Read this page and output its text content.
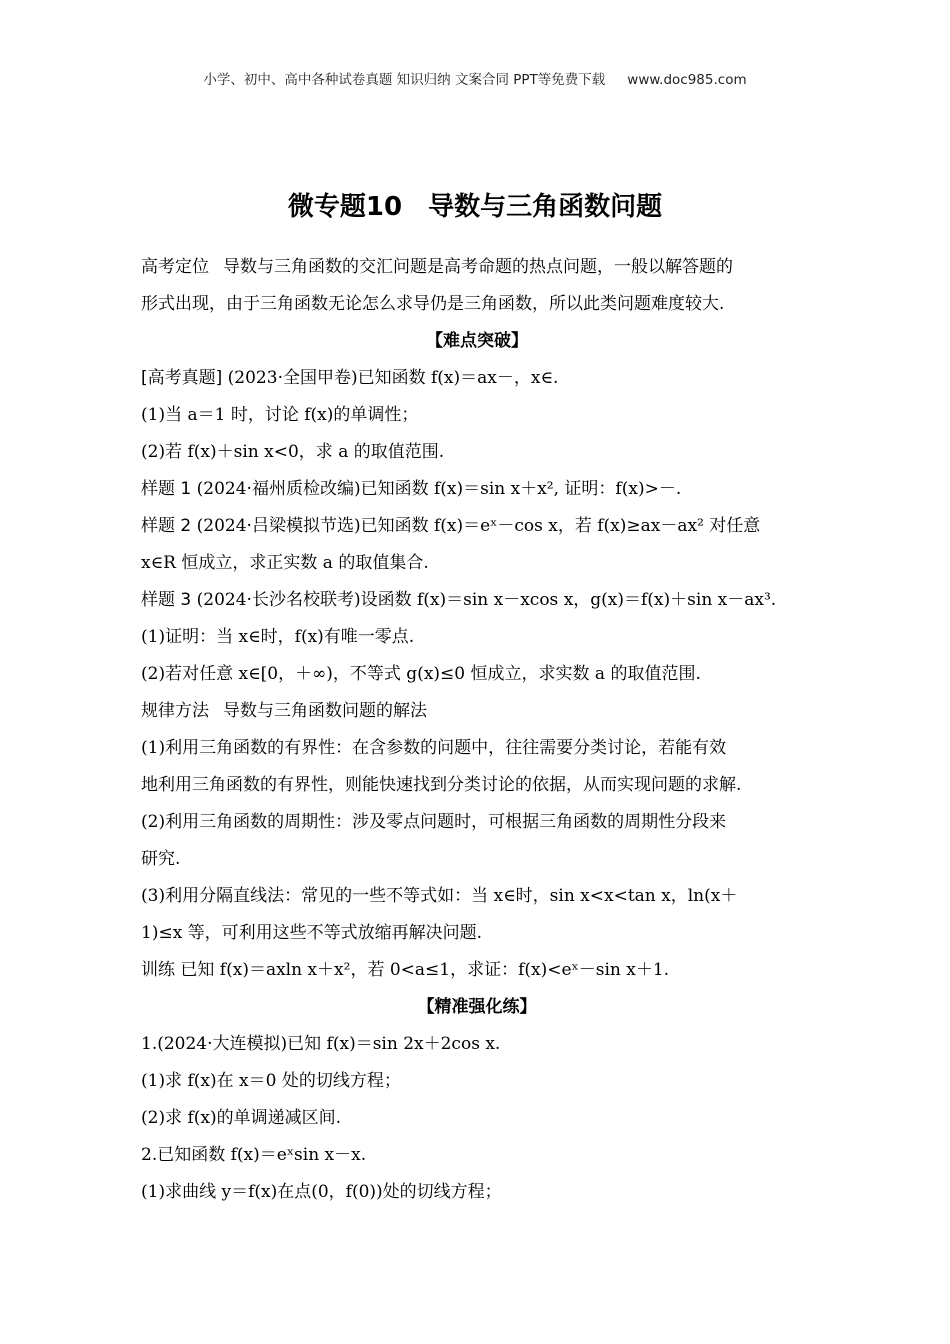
小学、初中、高中各种试卷真题 知识归纳 文案合同 PPT等免费下载 www.doc985.com
微专题10　导数与三角函数问题
高考定位 导数与三角函数的交汇问题是高考命题的热点问题，一般以解答题的
形式出现，由于三角函数无论怎么求导仍是三角函数，所以此类问题难度较大.
【难点突破】
[高考真题] (2023·全国甲卷)已知函数 f(x)＝ax－，x∈.
(1)当 a＝1 时，讨论 f(x)的单调性；
(2)若 f(x)＋sin x<0，求 a 的取值范围.
样题 1 (2024·福州质检改编)已知函数 f(x)＝sin x＋x², 证明：f(x)>－.
样题 2 (2024·吕梁模拟节选)已知函数 f(x)＝eˣ－cos x，若 f(x)≥ax－ax² 对任意
x∈R 恒成立，求正实数 a 的取值集合.
样题 3 (2024·长沙名校联考)设函数 f(x)＝sin x－xcos x，g(x)＝f(x)＋sin x－ax³.
(1)证明：当 x∈时，f(x)有唯一零点.
(2)若对任意 x∈[0，＋∞)，不等式 g(x)≤0 恒成立，求实数 a 的取值范围.
规律方法 导数与三角函数问题的解法
(1)利用三角函数的有界性：在含参数的问题中，往往需要分类讨论，若能有效
地利用三角函数的有界性，则能快速找到分类讨论的依据，从而实现问题的求解.
(2)利用三角函数的周期性：涉及零点问题时，可根据三角函数的周期性分段来
研究.
(3)利用分隔直线法：常见的一些不等式如：当 x∈时，sin x<x<tan x，ln(x＋
1)≤x 等，可利用这些不等式放缩再解决问题.
训练 已知 f(x)＝axln x＋x²，若 0<a≤1，求证：f(x)<eˣ－sin x＋1.
【精准强化练】
1.(2024·大连模拟)已知 f(x)＝sin 2x＋2cos x.
(1)求 f(x)在 x＝0 处的切线方程；
(2)求 f(x)的单调递减区间.
2.已知函数 f(x)＝eˣsin x－x.
(1)求曲线 y＝f(x)在点(0，f(0))处的切线方程；
